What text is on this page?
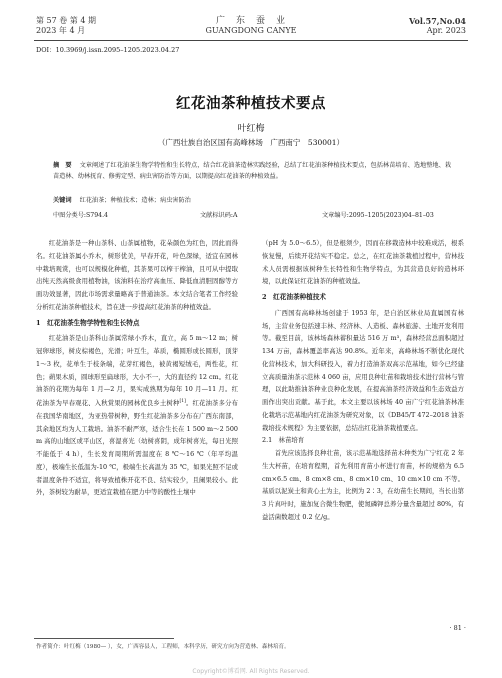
第 57 卷 第 4 期
2023 年 4 月
广　东　蚕　业
GUANGDONG CANYE
Vol.57,No.04
Apr. 2023
DOI：10.3969/j.issn.2095–1205.2023.04.27
红花油茶种植技术要点
叶红梅
（广西壮族自治区国有高峰林场　广西南宁　530001）
摘　要 文章阐述了红花油茶生物学特性和生长特点，结合红花油茶造林实践经验，总结了红花油茶种植技术要点，包括林苗培育、选地整地、栽苗造林、幼林抚育、修剪定型、病虫害防治等方面，以期提高红花油茶的种植效益。
关键词 红花油茶；种植技术；造林；病虫害防治
中图分类号:S794.4	文献标识码:A	文章编号:2095–1205(2023)04–81–03

红花油茶是一种山茶科、山茶属植物，花朵颜色为红色，因此而得名。红花油茶属小乔木，树形优美，早春开花，叶色深绿，适宜在园林中栽培观赏，也可以规模化种植，其茶果可以榨干榨油，且可从中提取出纯天然高级食用植物油，该油料在治疗高血压、降低血清胆固醇等方面功效显著，因此市场需求量略高于普通油茶。本文结合笔者工作经验分析红花油茶种植技术，旨在进一步提高红花油茶的种植效益。

1　红花油茶生物学特性和生长特点

红花油茶是山茶科山茶属常绿小乔木，直立，高 5 m～12 m；树冠卵球形，树皮棕褐色，光滑；叶互生，革质，椭圆形或长圆形，顶芽 1～3 枚，花单生于枝条端，花芽红褐色，被黄褐短绒毛，两性花，红色；蒴果木质，圆球形至扁球形，大小不一，大的直径约 12 cm。红花油茶的花期为每年 1 月—2 月，果实成熟期为每年 10 月—11 月。红花油茶为早春观花、入秋赏果的园林优良乡土树种[1]。红花油茶多分布在我国华南地区，为亚热带树种，野生红花油茶多分布在广西东南部，其余地区均为人工栽培。油茶不耐严寒，适合生长在 1 500 m～2 500 m 高的山地区或平山区，喜湿喜光（幼树喜阴，成年树喜光，每日光照不能低于 4 h），生长发育周期所需温度在 8 ℃～16 ℃（年平均温度），极端生长低温为-10 ℃，极端生长高温为 35 ℃，如果光照不足或者温度条件不适宜，将导致植株开花不良、结实较少，且阑果较小。此外，茶树较为耐旱，更适宜栽植在肥力中等的酸性土壤中

（pH 为 5.0～6.5），但是根须少，因而在移栽造林中较难成活，根系恢复慢，后续开花结实不稳定。总之，在红花油茶栽植过程中，营林技术人员需根据该树种生长特性和生物学特点，为其营造良好的造林环境，以此保证红花油茶的种植效益。

2　红花油茶种植技术

广西国有高峰林场创建于 1953 年，是自治区林业局直属国有林场，主营业务包括速丰林、经济林、人造板、森林旅游、土地开发利用等。截至目前，该林场森林蓄积量达 516 万 m³，森林经营总面积超过 134 万亩，森林覆盖率高达 90.8%。近年来，高峰林场不断优化现代化营林技术，加大科研投入，着力打造油茶双高示范基地，如今已经建立高质量油茶示范林 4 060 亩，应用良种壮苗和栽培技术进行营林与管理，以此助推油茶种业良种化发展，在提高油茶经济效益和生态效益方面作出突出贡献。基于此，本文主要以该林场 40 亩广宁红花油茶林准化栽培示范基地内红花油茶为研究对象，以《DB45/T 472–2018 油茶栽培技术规程》为主要依据，总结出红花油茶栽植要点。

2.1　林苗培育

首先应该选择良种壮苗，该示范基地选择苗木种类为广宁红花 2 年生大杯苗，在培育程期，首先利用育苗小杯进行育苗，杯的规格为 6.5 cm×6.5 cm、8 cm×8 cm、8 cm×10 cm、10 cm×10 cm 不等。基质以泥炭土和黄心土为主，比例为 2∶3，在幼苗生长期间，当长出第 3 片真叶时，施加复合微生物肥，使氮磷钾总养分量含量超过 80%，有益活菌数超过 0.2 亿/g。

· 81 ·
作者简介：叶红梅（1980— ），女，广西容县人，工程师，本科学历，研究方向为营造林、森林培育。
Copyright©博看网. All Rights Reserved.
